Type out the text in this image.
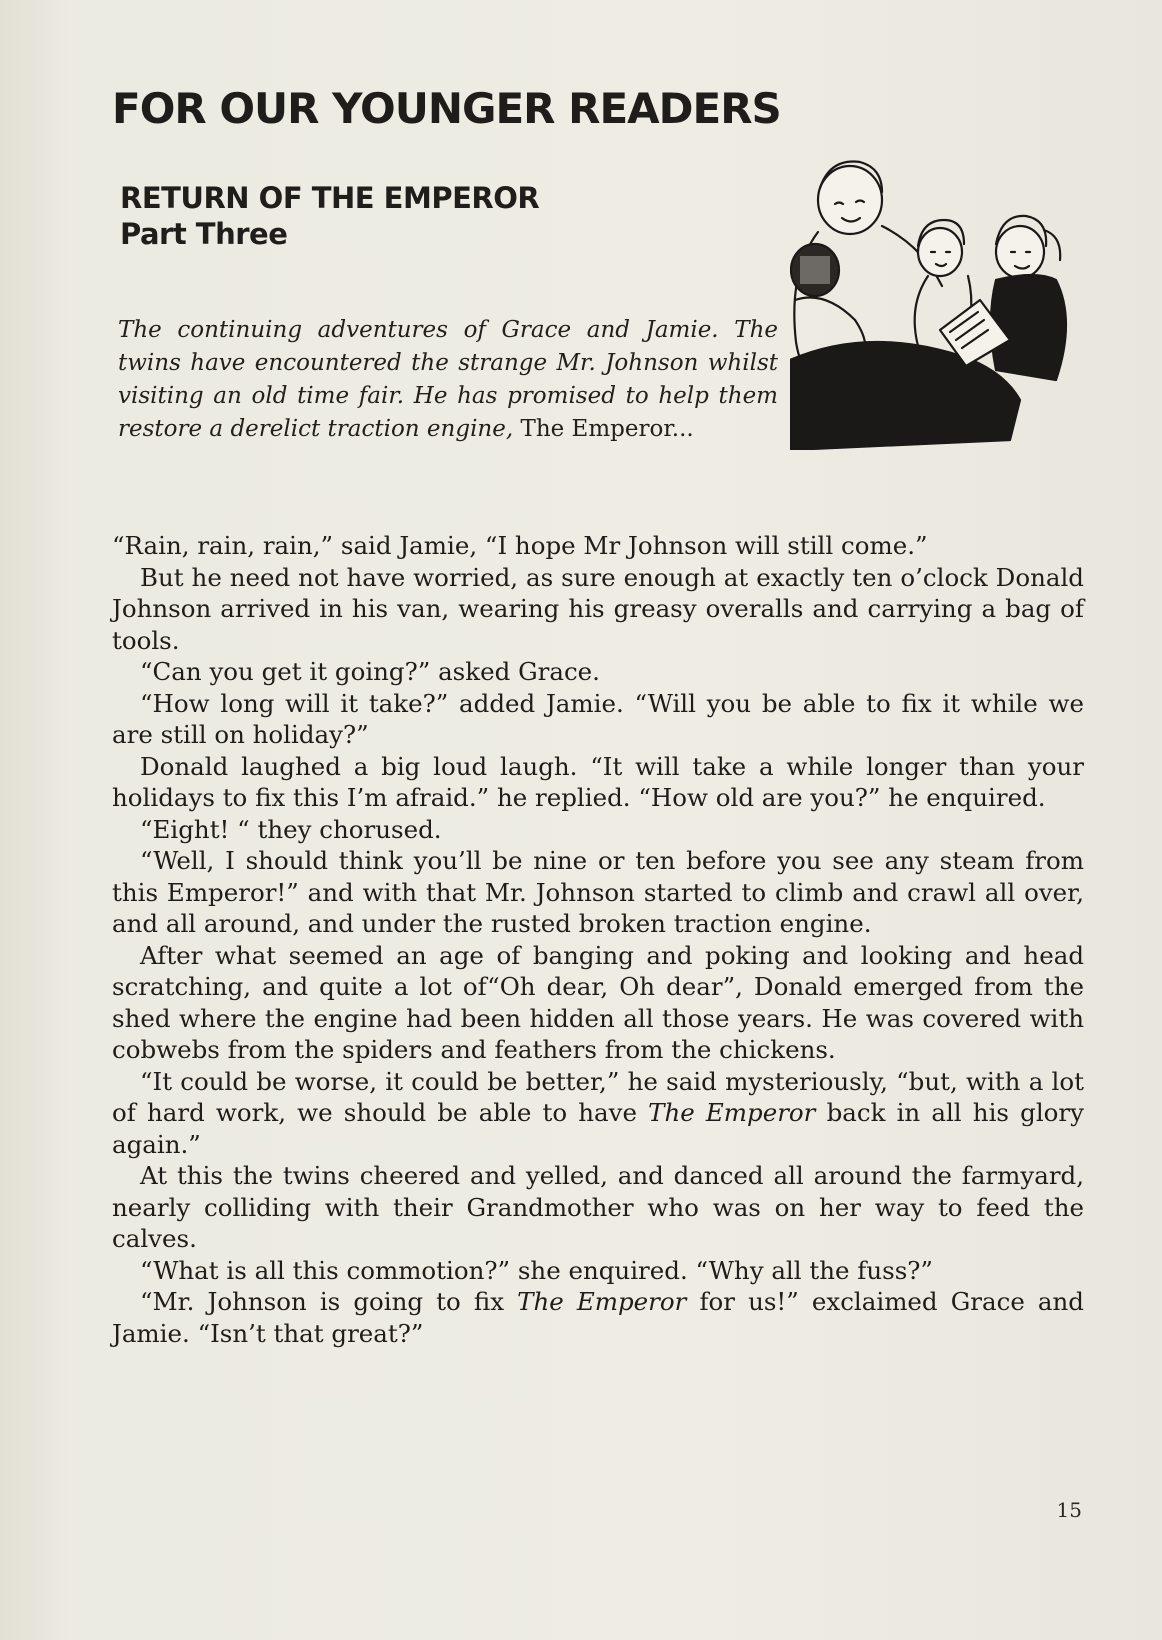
FOR OUR YOUNGER READERS
RETURN OF THE EMPEROR
Part Three

The continuing adventures of Grace and Jamie. The twins have encountered the strange Mr. Johnson whilst visiting an old time fair. He has promised to help them restore a derelict traction engine, The Emperor...

“Rain, rain, rain,” said Jamie, “I hope Mr Johnson will still come.”

But he need not have worried, as sure enough at exactly ten o’clock Donald Johnson arrived in his van, wearing his greasy overalls and carrying a bag of tools.

“Can you get it going?” asked Grace.

“How long will it take?” added Jamie. “Will you be able to fix it while we are still on holiday?”

Donald laughed a big loud laugh. “It will take a while longer than your holidays to fix this I’m afraid.” he replied. “How old are you?” he enquired.

“Eight! “ they chorused.

“Well, I should think you’ll be nine or ten before you see any steam from this Emperor!” and with that Mr. Johnson started to climb and crawl all over, and all around, and under the rusted broken traction engine.

After what seemed an age of banging and poking and looking and head scratching, and quite a lot of“Oh dear, Oh dear”, Donald emerged from the shed where the engine had been hidden all those years. He was covered with cobwebs from the spiders and feathers from the chickens.

“It could be worse, it could be better,” he said mysteriously, “but, with a lot of hard work, we should be able to have The Emperor back in all his glory again.”

At this the twins cheered and yelled, and danced all around the farmyard, nearly colliding with their Grandmother who was on her way to feed the calves.

“What is all this commotion?” she enquired. “Why all the fuss?”

“Mr. Johnson is going to fix The Emperor for us!” exclaimed Grace and Jamie. “Isn’t that great?”

15
